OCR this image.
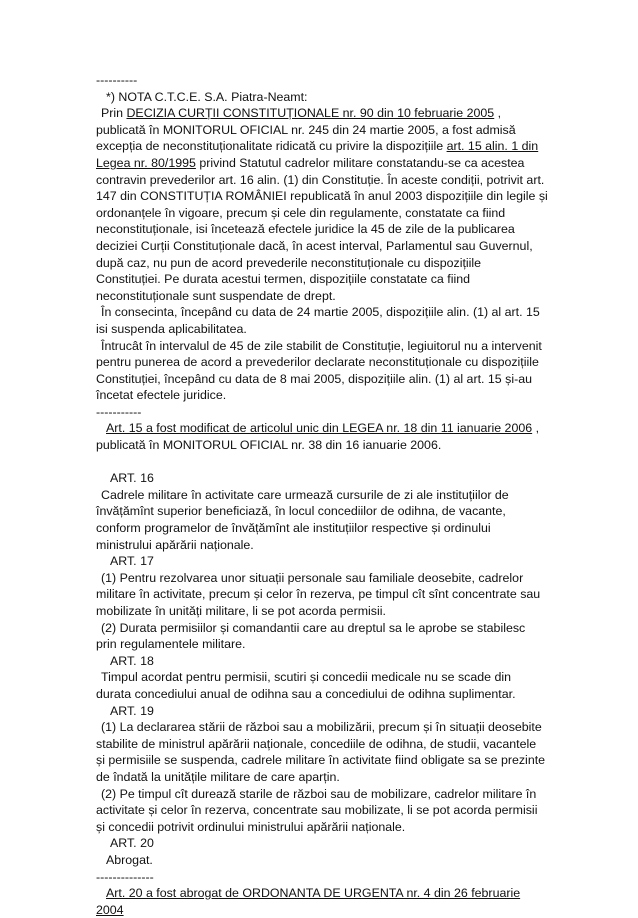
----------
*) NOTA C.T.C.E. S.A. Piatra-Neamt:
Prin DECIZIA CURȚII CONSTITUȚIONALE nr. 90 din 10 februarie 2005 , publicată în MONITORUL OFICIAL nr. 245 din 24 martie 2005, a fost admisă excepția de neconstituționalitate ridicată cu privire la dispozițiile art. 15 alin. 1 din Legea nr. 80/1995 privind Statutul cadrelor militare constatandu-se ca acestea contravin prevederilor art. 16 alin. (1) din Constituție. În aceste condiții, potrivit art. 147 din CONSTITUȚIA ROMÂNIEI republicată în anul 2003 dispozițiile din legile și ordonanțele în vigoare, precum și cele din regulamente, constatate ca fiind neconstituționale, isi încetează efectele juridice la 45 de zile de la publicarea deciziei Curții Constituționale dacă, în acest interval, Parlamentul sau Guvernul, după caz, nu pun de acord prevederile neconstituționale cu dispozițiile Constituției. Pe durata acestui termen, dispozițiile constatate ca fiind neconstituționale sunt suspendate de drept.
În consecinta, începând cu data de 24 martie 2005, dispozițiile alin. (1) al art. 15 isi suspenda aplicabilitatea.
Întrucât în intervalul de 45 de zile stabilit de Constituție, legiuitorul nu a intervenit pentru punerea de acord a prevederilor declarate neconstituționale cu dispozițiile Constituției, începând cu data de 8 mai 2005, dispozițiile alin. (1) al art. 15 și-au încetat efectele juridice.
-----------
Art. 15 a fost modificat de articolul unic din LEGEA nr. 18 din 11 ianuarie 2006 , publicată în MONITORUL OFICIAL nr. 38 din 16 ianuarie 2006.
ART. 16
Cadrele militare în activitate care urmează cursurile de zi ale instituțiilor de învățămînt superior beneficiază, în locul concediilor de odihna, de vacante, conform programelor de învățămînt ale instituțiilor respective și ordinului ministrului apărării naționale.
ART. 17
(1) Pentru rezolvarea unor situații personale sau familiale deosebite, cadrelor militare în activitate, precum și celor în rezerva, pe timpul cît sînt concentrate sau mobilizate în unități militare, li se pot acorda permisii.
(2) Durata permisiilor și comandantii care au dreptul sa le aprobe se stabilesc prin regulamentele militare.
ART. 18
Timpul acordat pentru permisii, scutiri și concedii medicale nu se scade din durata concediului anual de odihna sau a concediului de odihna suplimentar.
ART. 19
(1) La declararea stării de război sau a mobilizării, precum și în situații deosebite stabilite de ministrul apărării naționale, concediile de odihna, de studii, vacantele și permisiile se suspenda, cadrele militare în activitate fiind obligate sa se prezinte de îndată la unitățile militare de care aparțin.
(2) Pe timpul cît durează starile de război sau de mobilizare, cadrelor militare în activitate și celor în rezerva, concentrate sau mobilizate, li se pot acorda permisii și concedii potrivit ordinului ministrului apărării naționale.
ART. 20
Abrogat.
--------------
Art. 20 a fost abrogat de ORDONANTA DE URGENTA nr. 4 din 26 februarie 2004
